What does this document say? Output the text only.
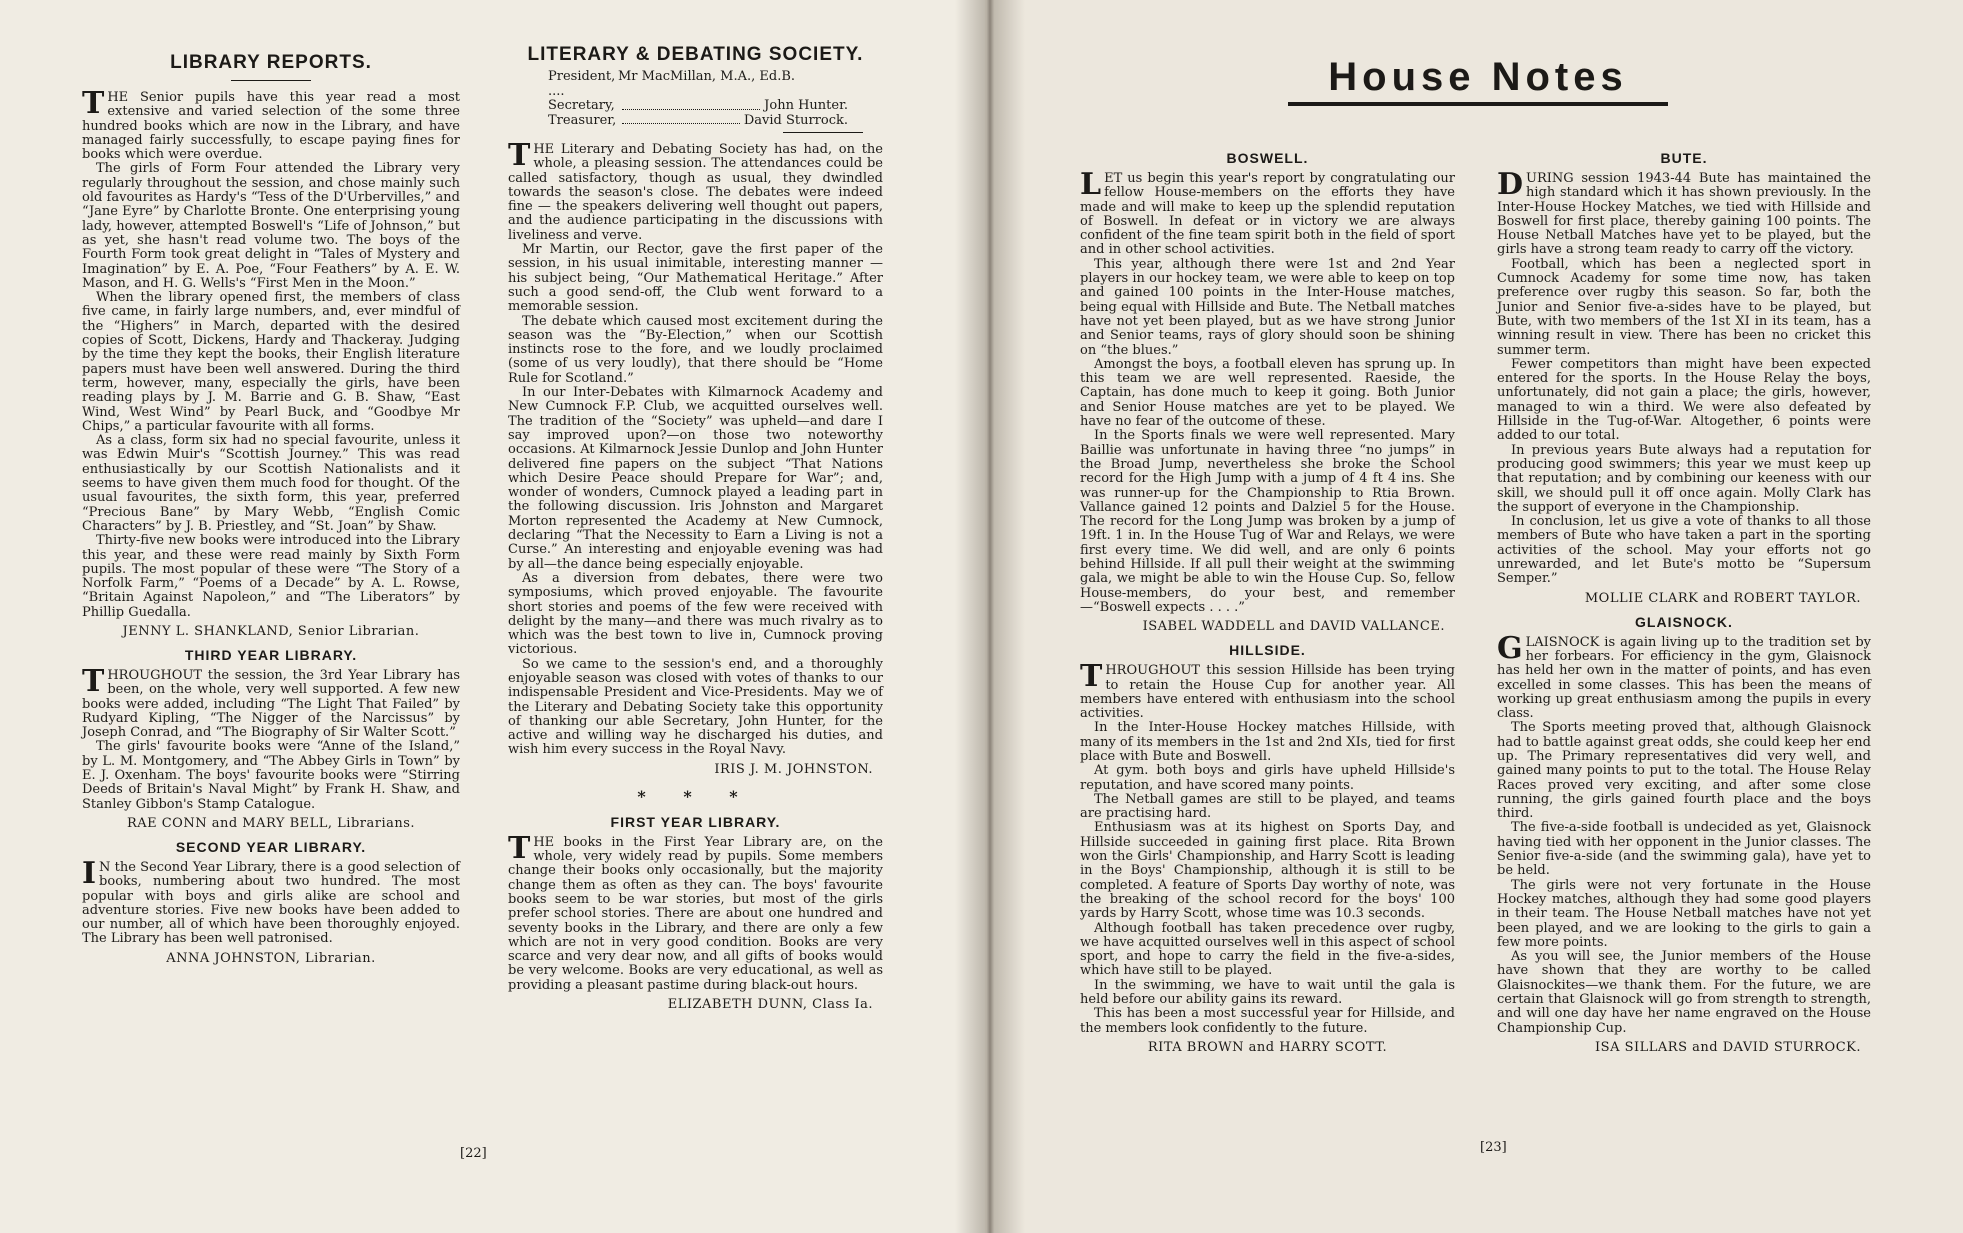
LIBRARY REPORTS.

THE Senior pupils have this year read a most extensive and varied selection of the some three hundred books which are now in the Library, and have managed fairly successfully, to escape paying fines for books which were overdue.

The girls of Form Four attended the Library very regularly throughout the session, and chose mainly such old favourites as Hardy's “Tess of the D'Urbervilles,” and “Jane Eyre” by Charlotte Bronte. One enterprising young lady, however, attempted Boswell's “Life of Johnson,” but as yet, she hasn't read volume two. The boys of the Fourth Form took great delight in “Tales of Mystery and Imagination” by E. A. Poe, “Four Feathers” by A. E. W. Mason, and H. G. Wells's “First Men in the Moon.”

When the library opened first, the members of class five came, in fairly large numbers, and, ever mindful of the “Highers” in March, departed with the desired copies of Scott, Dickens, Hardy and Thackeray. Judging by the time they kept the books, their English literature papers must have been well answered. During the third term, however, many, especially the girls, have been reading plays by J. M. Barrie and G. B. Shaw, “East Wind, West Wind” by Pearl Buck, and “Goodbye Mr Chips,” a particular favourite with all forms.

As a class, form six had no special favourite, unless it was Edwin Muir's “Scottish Journey.” This was read enthusiastically by our Scottish Nationalists and it seems to have given them much food for thought. Of the usual favourites, the sixth form, this year, preferred “Precious Bane” by Mary Webb, “English Comic Characters” by J. B. Priestley, and “St. Joan” by Shaw.

Thirty-five new books were introduced into the Library this year, and these were read mainly by Sixth Form pupils. The most popular of these were “The Story of a Norfolk Farm,” “Poems of a Decade” by A. L. Rowse, “Britain Against Napoleon,” and “The Liberators” by Phillip Guedalla.

JENNY L. SHANKLAND, Senior Librarian.
THIRD YEAR LIBRARY.

THROUGHOUT the session, the 3rd Year Library has been, on the whole, very well supported. A few new books were added, including “The Light That Failed” by Rudyard Kipling, “The Nigger of the Narcissus” by Joseph Conrad, and “The Biography of Sir Walter Scott.”

The girls' favourite books were “Anne of the Island,” by L. M. Montgomery, and “The Abbey Girls in Town” by E. J. Oxenham. The boys' favourite books were “Stirring Deeds of Britain's Naval Might” by Frank H. Shaw, and Stanley Gibbon's Stamp Catalogue.

RAE CONN and MARY BELL, Librarians.
SECOND YEAR LIBRARY.

IN the Second Year Library, there is a good selection of books, numbering about two hundred. The most popular with boys and girls alike are school and adventure stories. Five new books have been added to our number, all of which have been thoroughly enjoyed. The Library has been well patronised.

ANNA JOHNSTON, Librarian.
LITERARY & DEBATING SOCIETY.
President, ....
Mr MacMillan, M.A., Ed.B.
Secretary,	John Hunter.
Treasurer,	David Sturrock.

THE Literary and Debating Society has had, on the whole, a pleasing session. The attendances could be called satisfactory, though as usual, they dwindled towards the season's close. The debates were indeed fine — the speakers delivering well thought out papers, and the audience participating in the discussions with liveliness and verve.

Mr Martin, our Rector, gave the first paper of the session, in his usual inimitable, interesting manner — his subject being, “Our Mathematical Heritage.” After such a good send-off, the Club went forward to a memorable session.

The debate which caused most excitement during the season was the “By-Election,” when our Scottish instincts rose to the fore, and we loudly proclaimed (some of us very loudly), that there should be “Home Rule for Scotland.”

In our Inter-Debates with Kilmarnock Academy and New Cumnock F.P. Club, we acquitted ourselves well. The tradition of the “Society” was upheld—and dare I say improved upon?—on those two noteworthy occasions. At Kilmarnock Jessie Dunlop and John Hunter delivered fine papers on the subject “That Nations which Desire Peace should Prepare for War”; and, wonder of wonders, Cumnock played a leading part in the following discussion. Iris Johnston and Margaret Morton represented the Academy at New Cumnock, declaring “That the Necessity to Earn a Living is not a Curse.” An interesting and enjoyable evening was had by all—the dance being especially enjoyable.

As a diversion from debates, there were two symposiums, which proved enjoyable. The favourite short stories and poems of the few were received with delight by the many—and there was much rivalry as to which was the best town to live in, Cumnock proving victorious.

So we came to the session's end, and a thoroughly enjoyable season was closed with votes of thanks to our indispensable President and Vice-Presidents. May we of the Literary and Debating Society take this opportunity of thanking our able Secretary, John Hunter, for the active and willing way he discharged his duties, and wish him every success in the Royal Navy.

IRIS J. M. JOHNSTON.
* * *
FIRST YEAR LIBRARY.

THE books in the First Year Library are, on the whole, very widely read by pupils. Some members change their books only occasionally, but the majority change them as often as they can. The boys' favourite books seem to be war stories, but most of the girls prefer school stories. There are about one hundred and seventy books in the Library, and there are only a few which are not in very good condition. Books are very scarce and very dear now, and all gifts of books would be very welcome. Books are very educational, as well as providing a pleasant pastime during black-out hours.

ELIZABETH DUNN, Class Ia.
[22]
House Notes
BOSWELL.

LET us begin this year's report by congratulating our fellow House-members on the efforts they have made and will make to keep up the splendid reputation of Boswell. In defeat or in victory we are always confident of the fine team spirit both in the field of sport and in other school activities.

This year, although there were 1st and 2nd Year players in our hockey team, we were able to keep on top and gained 100 points in the Inter-House matches, being equal with Hillside and Bute. The Netball matches have not yet been played, but as we have strong Junior and Senior teams, rays of glory should soon be shining on “the blues.”

Amongst the boys, a football eleven has sprung up. In this team we are well represented. Raeside, the Captain, has done much to keep it going. Both Junior and Senior House matches are yet to be played. We have no fear of the outcome of these.

In the Sports finals we were well represented. Mary Baillie was unfortunate in having three “no jumps” in the Broad Jump, nevertheless she broke the School record for the High Jump with a jump of 4 ft 4 ins. She was runner-up for the Championship to Rtia Brown. Vallance gained 12 points and Dalziel 5 for the House. The record for the Long Jump was broken by a jump of 19ft. 1 in. In the House Tug of War and Relays, we were first every time. We did well, and are only 6 points behind Hillside. If all pull their weight at the swimming gala, we might be able to win the House Cup. So, fellow House-members, do your best, and remember —“Boswell expects . . . .”

ISABEL WADDELL and DAVID VALLANCE.
HILLSIDE.

THROUGHOUT this session Hillside has been trying to retain the House Cup for another year. All members have entered with enthusiasm into the school activities.

In the Inter-House Hockey matches Hillside, with many of its members in the 1st and 2nd XIs, tied for first place with Bute and Boswell.

At gym. both boys and girls have upheld Hillside's reputation, and have scored many points.

The Netball games are still to be played, and teams are practising hard.

Enthusiasm was at its highest on Sports Day, and Hillside succeeded in gaining first place. Rita Brown won the Girls' Championship, and Harry Scott is leading in the Boys' Championship, although it is still to be completed. A feature of Sports Day worthy of note, was the breaking of the school record for the boys' 100 yards by Harry Scott, whose time was 10.3 seconds.

Although football has taken precedence over rugby, we have acquitted ourselves well in this aspect of school sport, and hope to carry the field in the five-a-sides, which have still to be played.

In the swimming, we have to wait until the gala is held before our ability gains its reward.

This has been a most successful year for Hillside, and the members look confidently to the future.

RITA BROWN and HARRY SCOTT.
BUTE.

DURING session 1943-44 Bute has maintained the high standard which it has shown previously. In the Inter-House Hockey Matches, we tied with Hillside and Boswell for first place, thereby gaining 100 points. The House Netball Matches have yet to be played, but the girls have a strong team ready to carry off the victory.

Football, which has been a neglected sport in Cumnock Academy for some time now, has taken preference over rugby this season. So far, both the Junior and Senior five-a-sides have to be played, but Bute, with two members of the 1st XI in its team, has a winning result in view. There has been no cricket this summer term.

Fewer competitors than might have been expected entered for the sports. In the House Relay the boys, unfortunately, did not gain a place; the girls, however, managed to win a third. We were also defeated by Hillside in the Tug-of-War. Altogether, 6 points were added to our total.

In previous years Bute always had a reputation for producing good swimmers; this year we must keep up that reputation; and by combining our keeness with our skill, we should pull it off once again. Molly Clark has the support of everyone in the Championship.

In conclusion, let us give a vote of thanks to all those members of Bute who have taken a part in the sporting activities of the school. May your efforts not go unrewarded, and let Bute's motto be “Supersum Semper.”

MOLLIE CLARK and ROBERT TAYLOR.
GLAISNOCK.

GLAISNOCK is again living up to the tradition set by her forbears. For efficiency in the gym, Glaisnock has held her own in the matter of points, and has even excelled in some classes. This has been the means of working up great enthusiasm among the pupils in every class.

The Sports meeting proved that, although Glaisnock had to battle against great odds, she could keep her end up. The Primary representatives did very well, and gained many points to put to the total. The House Relay Races proved very exciting, and after some close running, the girls gained fourth place and the boys third.

The five-a-side football is undecided as yet, Glaisnock having tied with her opponent in the Junior classes. The Senior five-a-side (and the swimming gala), have yet to be held.

The girls were not very fortunate in the House Hockey matches, although they had some good players in their team. The House Netball matches have not yet been played, and we are looking to the girls to gain a few more points.

As you will see, the Junior members of the House have shown that they are worthy to be called Glaisnockites—we thank them. For the future, we are certain that Glaisnock will go from strength to strength, and will one day have her name engraved on the House Championship Cup.

ISA SILLARS and DAVID STURROCK.
[23]
